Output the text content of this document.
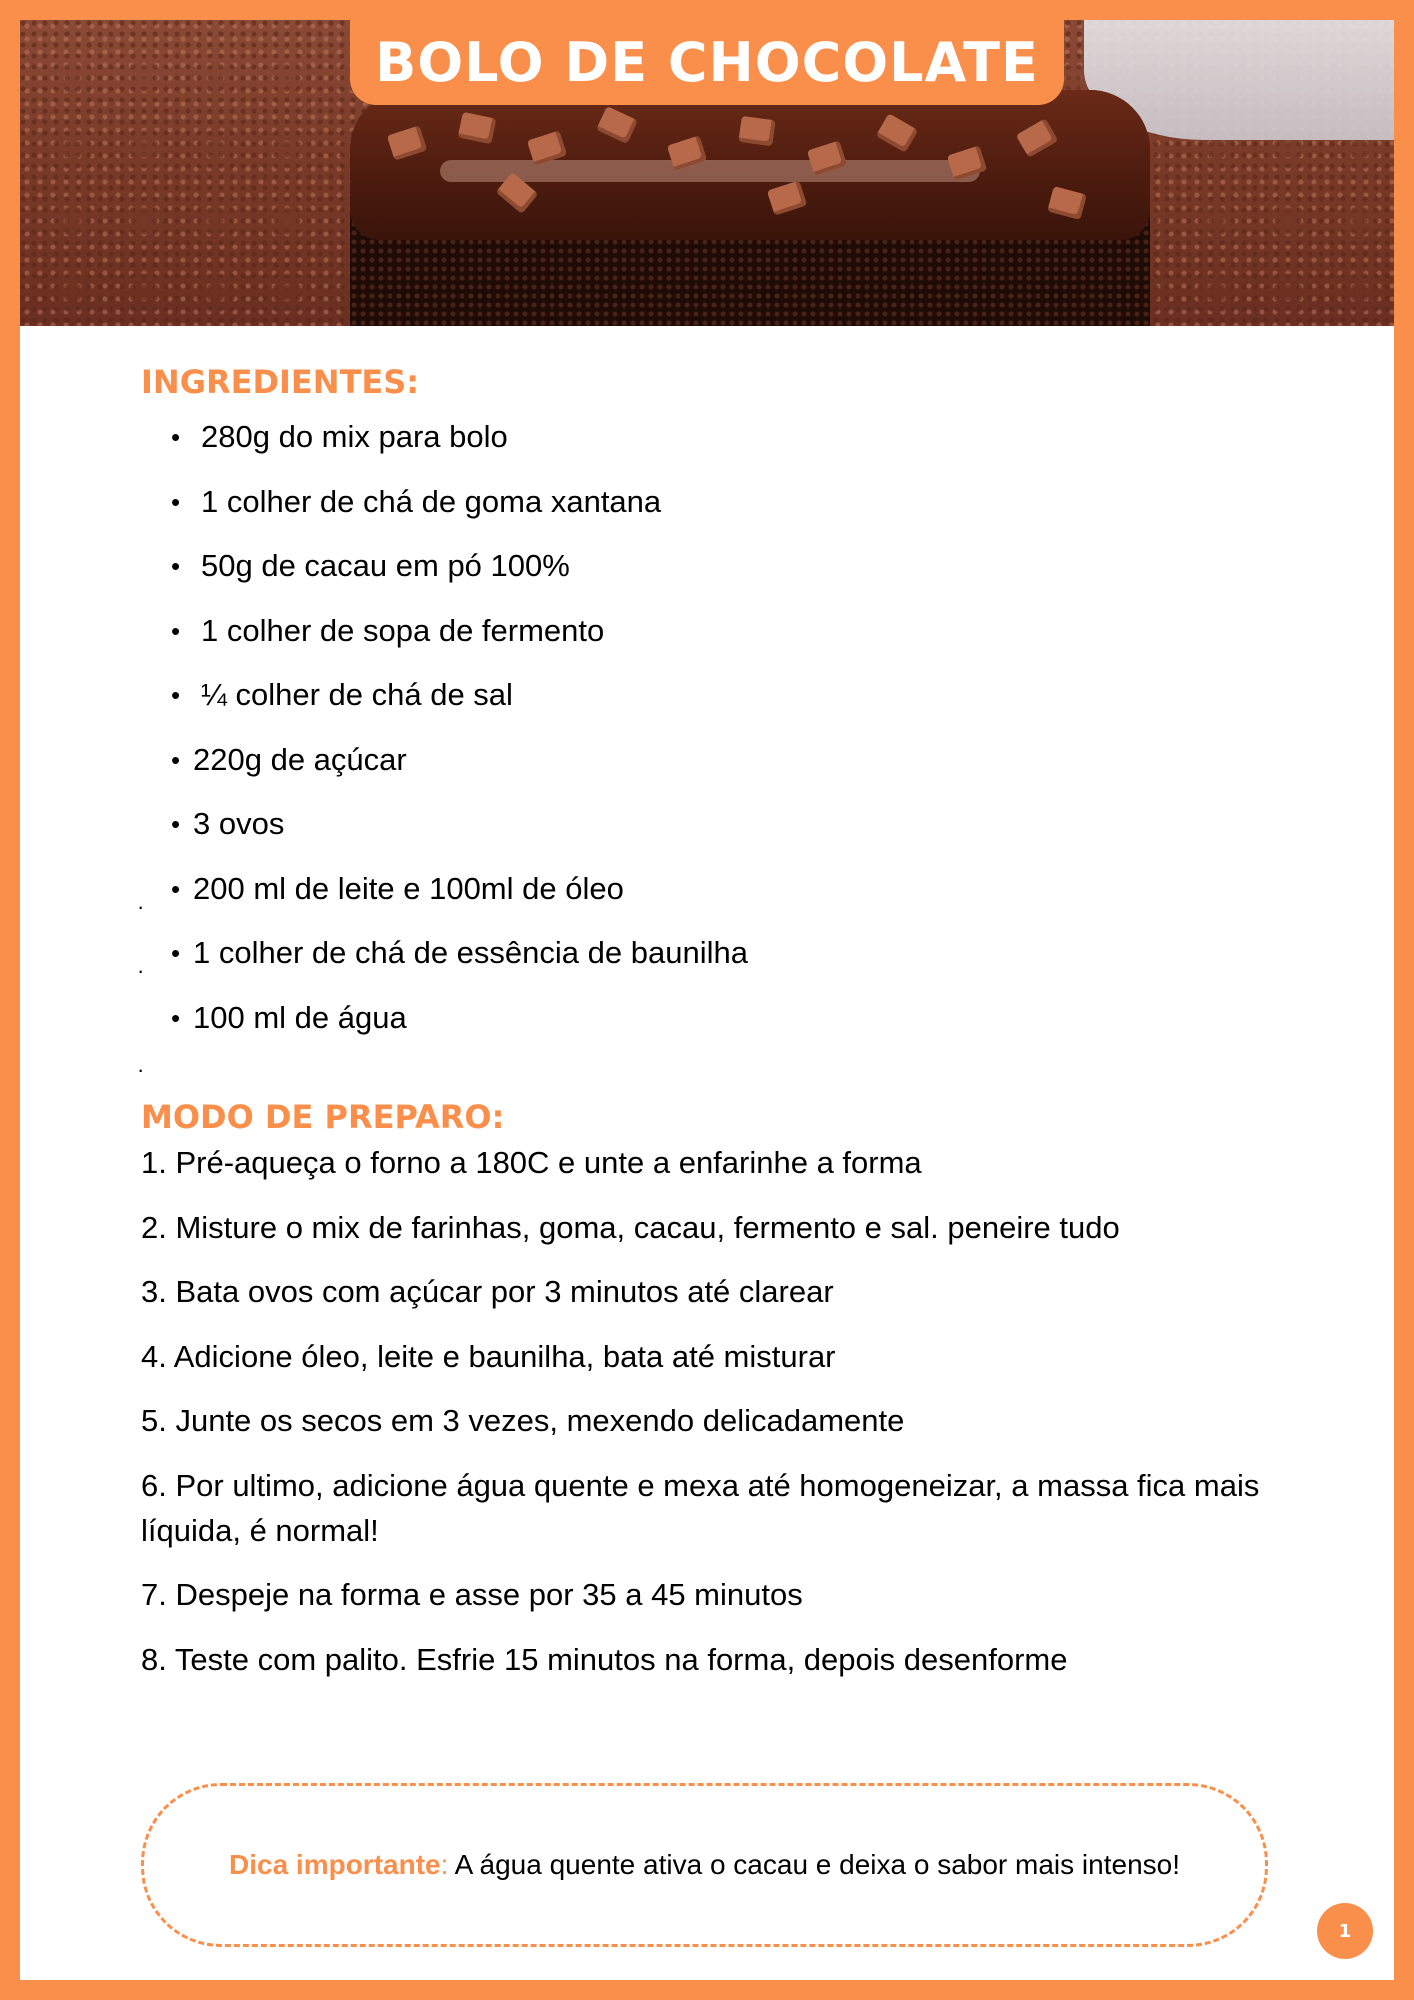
BOLO DE CHOCOLATE
INGREDIENTES:
• 280g do mix para bolo
• 1 colher de chá de goma xantana
• 50g de cacau em pó 100%
• 1 colher de sopa de fermento
• ¼ colher de chá de sal
• 220g de açúcar
• 3 ovos
• 200 ml de leite e 100ml de óleo
·
• 1 colher de chá de essência de baunilha
·
• 100 ml de água
·
MODO DE PREPARO:
1. Pré-aqueça o forno a 180C e unte a enfarinhe a forma
2. Misture o mix de farinhas, goma, cacau, fermento e sal. peneire tudo
3. Bata ovos com açúcar por 3 minutos até clarear
4. Adicione óleo, leite e baunilha, bata até misturar
5. Junte os secos em 3 vezes, mexendo delicadamente
6. Por ultimo, adicione água quente e mexa até homogeneizar, a massa fica mais líquida, é normal!
7. Despeje na forma e asse por 35 a 45 minutos
8. Teste com palito. Esfrie 15 minutos na forma, depois desenforme
Dica importante : A água quente ativa o cacau e deixa o sabor mais intenso!
1
